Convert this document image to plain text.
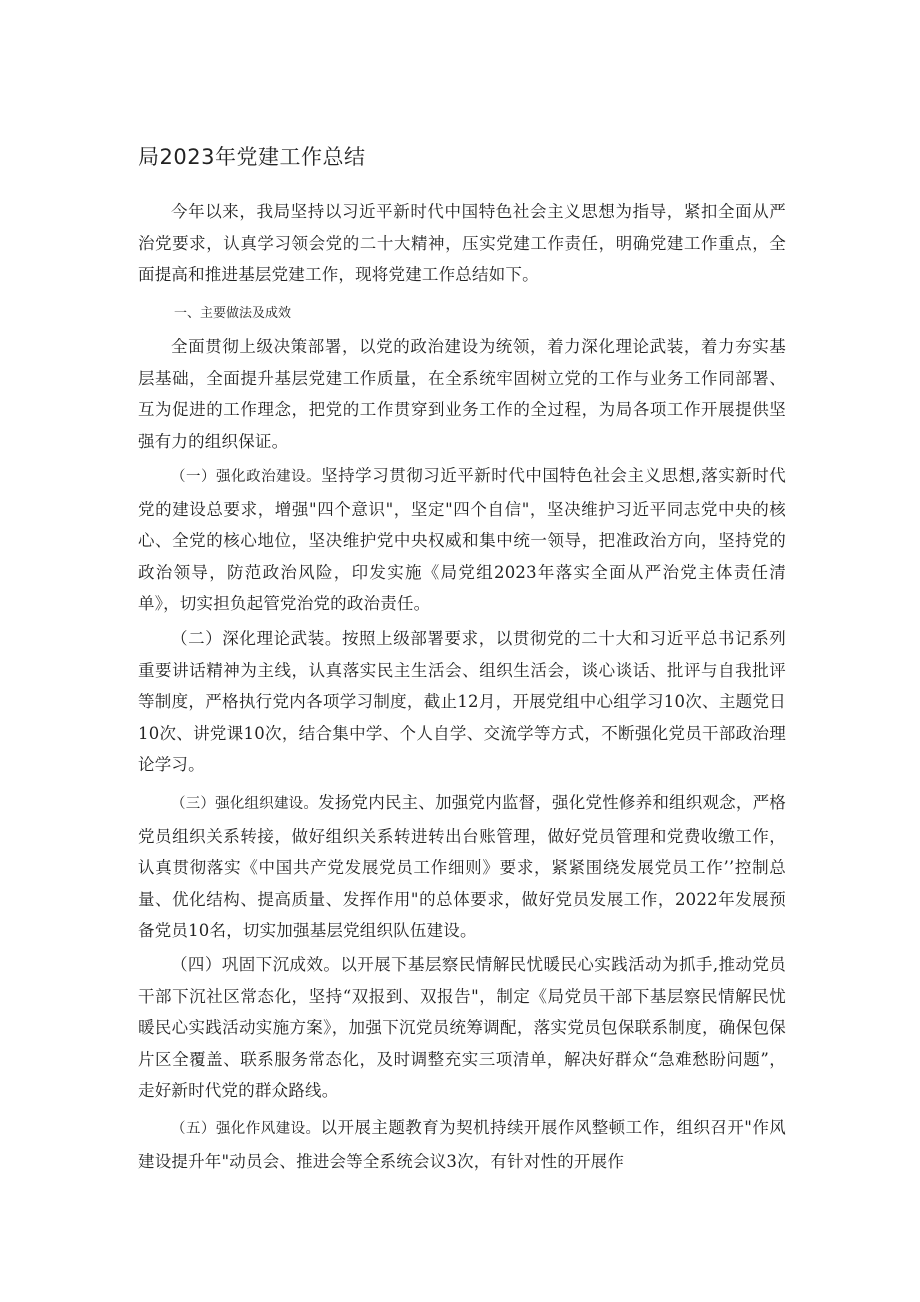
局2023年党建工作总结

今年以来，我局坚持以习近平新时代中国特色社会主义思想为指导，紧扣全面从严治党要求，认真学习领会党的二十大精神，压实党建工作责任，明确党建工作重点，全面提高和推进基层党建工作，现将党建工作总结如下。

一、主要做法及成效

全面贯彻上级决策部署，以党的政治建设为统领，着力深化理论武装，着力夯实基层基础，全面提升基层党建工作质量，在全系统牢固树立党的工作与业务工作同部署、互为促进的工作理念，把党的工作贯穿到业务工作的全过程，为局各项工作开展提供坚强有力的组织保证。

（一）强化政治建设。坚持学习贯彻习近平新时代中国特色社会主义思想,落实新时代党的建设总要求，增强"四个意识"，坚定"四个自信"，坚决维护习近平同志党中央的核心、全党的核心地位，坚决维护党中央权威和集中统一领导，把准政治方向，坚持党的政治领导，防范政治风险，印发实施《局党组2023年落实全面从严治党主体责任清单》，切实担负起管党治党的政治责任。

（二）深化理论武装。按照上级部署要求，以贯彻党的二十大和习近平总书记系列重要讲话精神为主线，认真落实民主生活会、组织生活会，谈心谈话、批评与自我批评等制度，严格执行党内各项学习制度，截止12月，开展党组中心组学习10次、主题党日10次、讲党课10次，结合集中学、个人自学、交流学等方式，不断强化党员干部政治理论学习。

（三）强化组织建设。发扬党内民主、加强党内监督，强化党性修养和组织观念，严格党员组织关系转接，做好组织关系转进转出台账管理，做好党员管理和党费收缴工作，认真贯彻落实《中国共产党发展党员工作细则》要求，紧紧围绕发展党员工作’’控制总量、优化结构、提高质量、发挥作用"的总体要求，做好党员发展工作，2022年发展预备党员10名，切实加强基层党组织队伍建设。

（四）巩固下沉成效。以开展下基层察民情解民忧暖民心实践活动为抓手,推动党员干部下沉社区常态化，坚持“双报到、双报告"，制定《局党员干部下基层察民情解民忧暖民心实践活动实施方案》，加强下沉党员统筹调配，落实党员包保联系制度，确保包保片区全覆盖、联系服务常态化，及时调整充实三项清单，解决好群众“急难愁盼问题”，走好新时代党的群众路线。

（五）强化作风建设。以开展主题教育为契机持续开展作风整顿工作，组织召开"作风建设提升年"动员会、推进会等全系统会议3次，有针对性的开展作
